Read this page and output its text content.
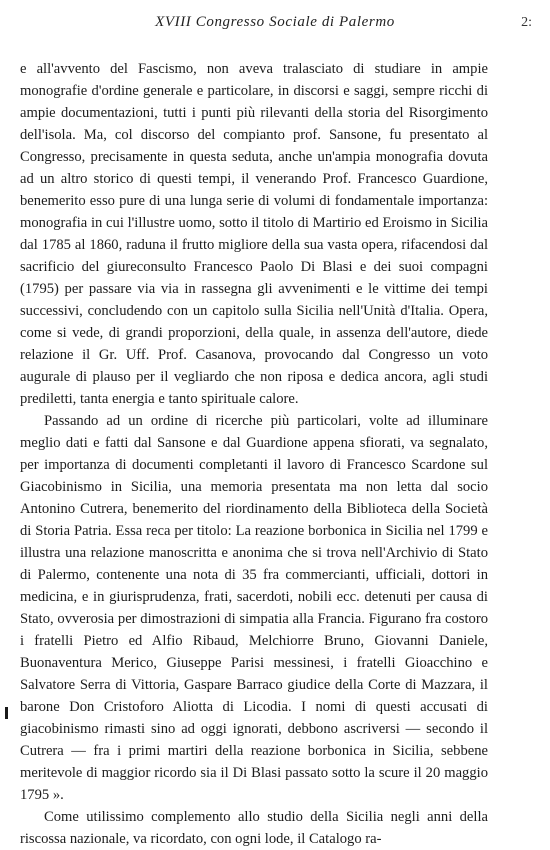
XVIII Congresso Sociale di Palermo	2:

e all'avvento del Fascismo, non aveva tralasciato di studiare in ampie monografie d'ordine generale e particolare, in discorsi e saggi, sempre ricchi di ampie documentazioni, tutti i punti più rilevanti della storia del Risorgimento dell'isola. Ma, col discorso del compianto prof. Sansone, fu presentato al Congresso, precisamente in questa seduta, anche un'ampia monografia dovuta ad un altro storico di questi tempi, il venerando Prof. Francesco Guardione, benemerito esso pure di una lunga serie di volumi di fondamentale importanza: monografia in cui l'illustre uomo, sotto il titolo di Martirio ed Eroismo in Sicilia dal 1785 al 1860, raduna il frutto migliore della sua vasta opera, rifacendosi dal sacrificio del giureconsulto Francesco Paolo Di Blasi e dei suoi compagni (1795) per passare via via in rassegna gli avvenimenti e le vittime dei tempi successivi, concludendo con un capitolo sulla Sicilia nell'Unità d'Italia. Opera, come si vede, di grandi proporzioni, della quale, in assenza dell'autore, diede relazione il Gr. Uff. Prof. Casanova, provocando dal Congresso un voto augurale di plauso per il vegliardo che non riposa e dedica ancora, agli studi prediletti, tanta energia e tanto spirituale calore.

Passando ad un ordine di ricerche più particolari, volte ad illuminare meglio dati e fatti dal Sansone e dal Guardione appena sfiorati, va segnalato, per importanza di documenti completanti il lavoro di Francesco Scardone sul Giacobinismo in Sicilia, una memoria presentata ma non letta dal socio Antonino Cutrera, benemerito del riordinamento della Biblioteca della Società di Storia Patria. Essa reca per titolo: La reazione borbonica in Sicilia nel 1799 e illustra una relazione manoscritta e anonima che si trova nell'Archivio di Stato di Palermo, contenente una nota di 35 fra commercianti, ufficiali, dottori in medicina, e in giurisprudenza, frati, sacerdoti, nobili ecc. detenuti per causa di Stato, ovverosia per dimostrazioni di simpatia alla Francia. Figurano fra costoro i fratelli Pietro ed Alfio Ribaud, Melchiorre Bruno, Giovanni Daniele, Buonaventura Merico, Giuseppe Parisi messinesi, i fratelli Gioacchino e Salvatore Serra di Vittoria, Gaspare Barraco giudice della Corte di Mazzara, il barone Don Cristoforo Aliotta di Licodia. I nomi di questi accusati di giacobinismo rimasti sino ad oggi ignorati, debbono ascriversi — secondo il Cutrera — fra i primi martiri della reazione borbonica in Sicilia, sebbene meritevole di maggior ricordo sia il Di Blasi passato sotto la scure il 20 maggio 1795 ».

Come utilissimo complemento allo studio della Sicilia negli anni della riscossa nazionale, va ricordato, con ogni lode, il Catalogo ra-
